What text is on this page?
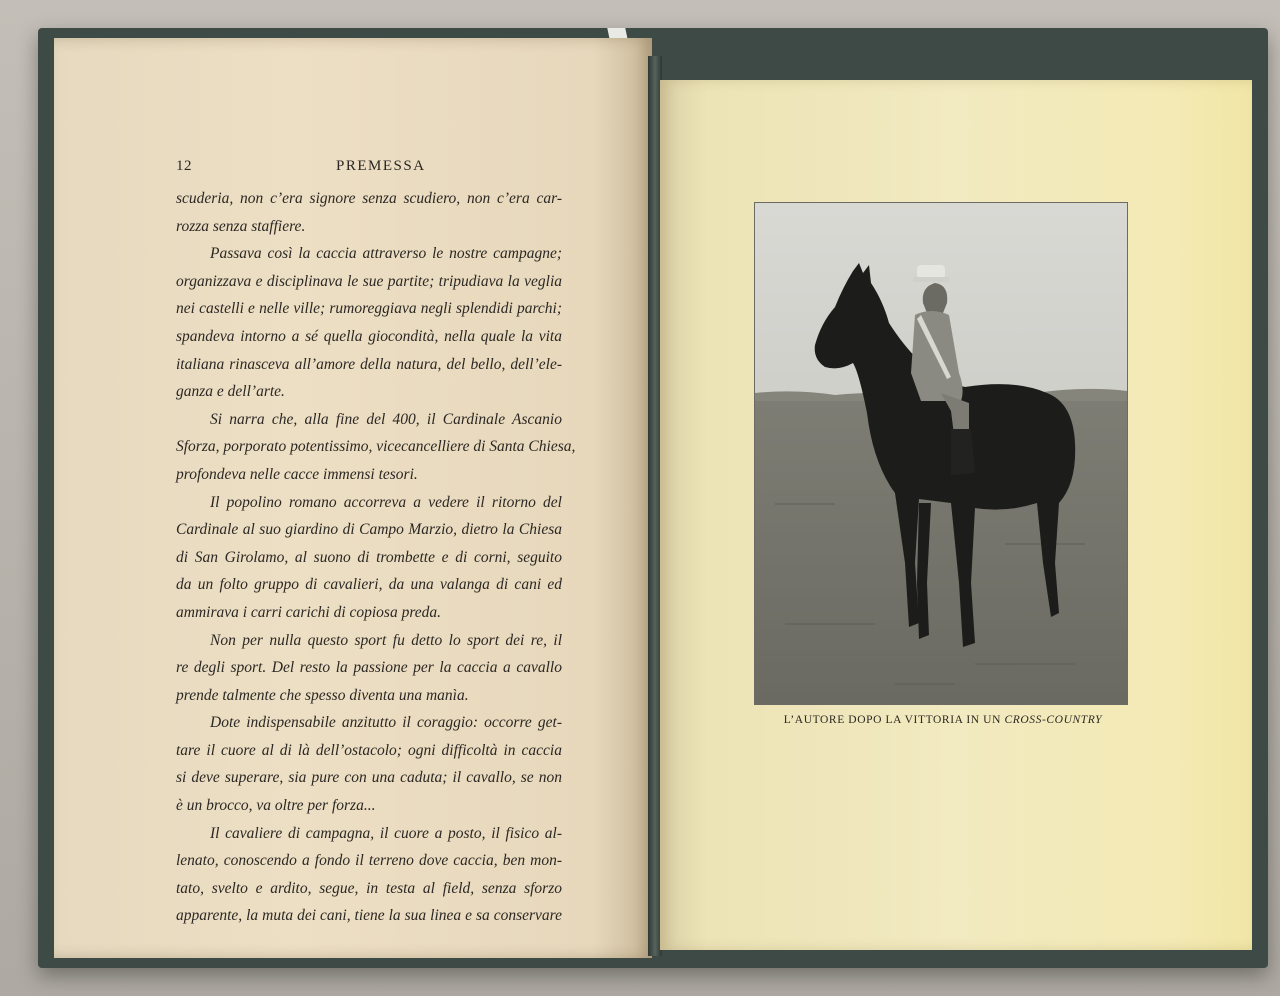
12	PREMESSA
scuderia, non c’era signore senza scudiero, non c’era car-
rozza senza staffiere.
Passava così la caccia attraverso le nostre campagne;
organizzava e disciplinava le sue partite; tripudiava la veglia
nei castelli e nelle ville; rumoreggiava negli splendidi parchi;
spandeva intorno a sé quella giocondità, nella quale la vita
italiana rinasceva all’amore della natura, del bello, dell’ele-
ganza e dell’arte.
Si narra che, alla fine del 400, il Cardinale Ascanio
Sforza, porporato potentissimo, vicecancelliere di Santa Chiesa,
profondeva nelle cacce immensi tesori.
Il popolino romano accorreva a vedere il ritorno del
Cardinale al suo giardino di Campo Marzio, dietro la Chiesa
di San Girolamo, al suono di trombette e di corni, seguito
da un folto gruppo di cavalieri, da una valanga di cani ed
ammirava i carri carichi di copiosa preda.
Non per nulla questo sport fu detto lo sport dei re, il
re degli sport. Del resto la passione per la caccia a cavallo
prende talmente che spesso diventa una manìa.
Dote indispensabile anzitutto il coraggio: occorre get-
tare il cuore al di là dell’ostacolo; ogni difficoltà in caccia
si deve superare, sia pure con una caduta; il cavallo, se non
è un brocco, va oltre per forza...
Il cavaliere di campagna, il cuore a posto, il fisico al-
lenato, conoscendo a fondo il terreno dove caccia, ben mon-
tato, svelto e ardito, segue, in testa al field, senza sforzo
apparente, la muta dei cani, tiene la sua linea e sa conservare
L’AUTORE DOPO LA VITTORIA IN UN CROSS-COUNTRY
